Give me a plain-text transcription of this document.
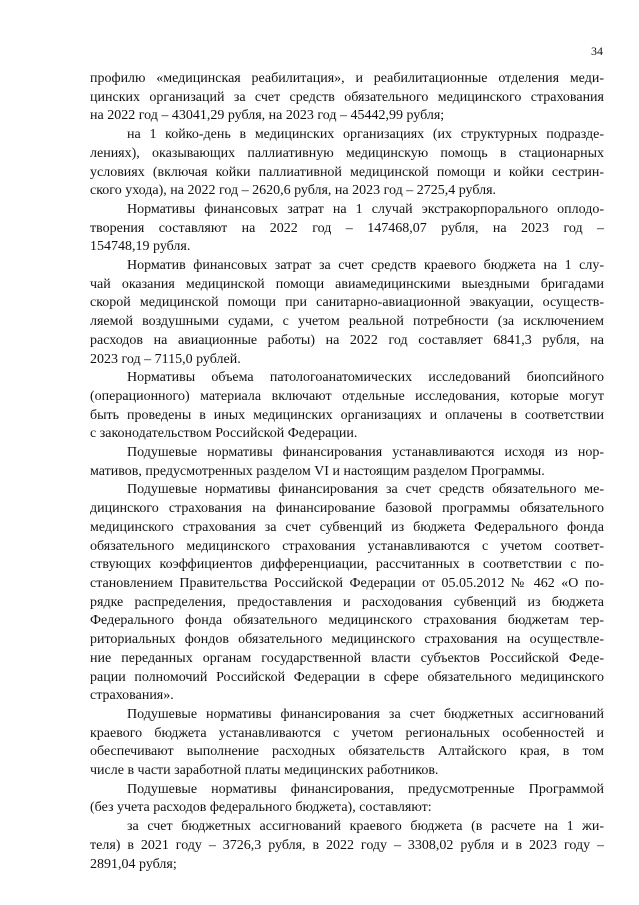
34
профилю «медицинская реабилитация», и реабилитационные отделения меди-
цинских организаций за счет средств обязательного медицинского страхования
на 2022 год – 43041,29 рубля, на 2023 год – 45442,99 рубля;
на 1 койко-день в медицинских организациях (их структурных подразде-
лениях), оказывающих паллиативную медицинскую помощь в стационарных
условиях (включая койки паллиативной медицинской помощи и койки сестрин-
ского ухода), на 2022 год – 2620,6 рубля, на 2023 год – 2725,4 рубля.
Нормативы финансовых затрат на 1 случай экстракорпорального оплодо-
творения составляют на 2022 год – 147468,07 рубля, на 2023 год –
154748,19 рубля.
Норматив финансовых затрат за счет средств краевого бюджета на 1 слу-
чай оказания медицинской помощи авиамедицинскими выездными бригадами
скорой медицинской помощи при санитарно-авиационной эвакуации, осуществ-
ляемой воздушными судами, с учетом реальной потребности (за исключением
расходов на авиационные работы) на 2022 год составляет 6841,3 рубля, на
2023 год – 7115,0 рублей.
Нормативы объема патологоанатомических исследований биопсийного
(операционного) материала включают отдельные исследования, которые могут
быть проведены в иных медицинских организациях и оплачены в соответствии
с законодательством Российской Федерации.
Подушевые нормативы финансирования устанавливаются исходя из нор-
мативов, предусмотренных разделом VI и настоящим разделом Программы.
Подушевые нормативы финансирования за счет средств обязательного ме-
дицинского страхования на финансирование базовой программы обязательного
медицинского страхования за счет субвенций из бюджета Федерального фонда
обязательного медицинского страхования устанавливаются с учетом соответ-
ствующих коэффициентов дифференциации, рассчитанных в соответствии с по-
становлением Правительства Российской Федерации от 05.05.2012 № 462 «О по-
рядке распределения, предоставления и расходования субвенций из бюджета
Федерального фонда обязательного медицинского страхования бюджетам тер-
риториальных фондов обязательного медицинского страхования на осуществле-
ние переданных органам государственной власти субъектов Российской Феде-
рации полномочий Российской Федерации в сфере обязательного медицинского
страхования».
Подушевые нормативы финансирования за счет бюджетных ассигнований
краевого бюджета устанавливаются с учетом региональных особенностей и
обеспечивают выполнение расходных обязательств Алтайского края, в том
числе в части заработной платы медицинских работников.
Подушевые нормативы финансирования, предусмотренные Программой
(без учета расходов федерального бюджета), составляют:
за счет бюджетных ассигнований краевого бюджета (в расчете на 1 жи-
теля) в 2021 году – 3726,3 рубля, в 2022 году – 3308,02 рубля и в 2023 году –
2891,04 рубля;
